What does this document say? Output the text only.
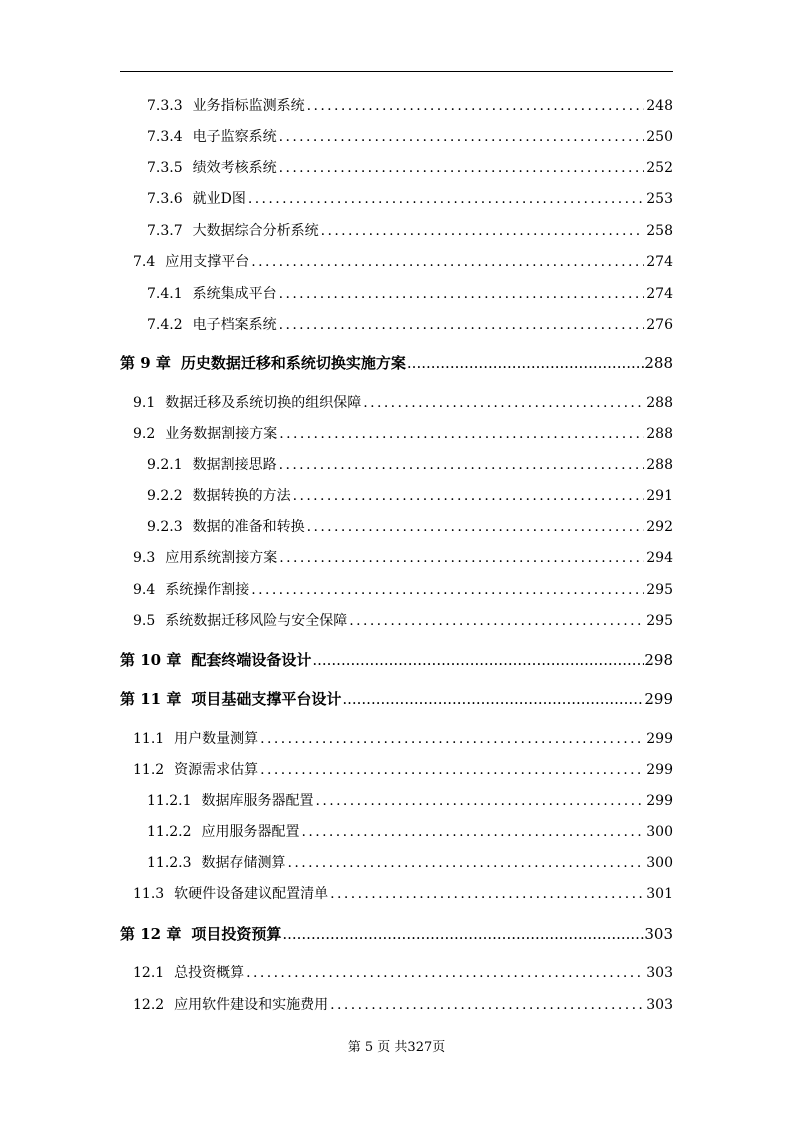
7.3.3 业务指标监测系统 .....	248
7.3.4 电子监察系统 .....	250
7.3.5 绩效考核系统 .....	252
7.3.6 就业D图 .....	253
7.3.7 大数据综合分析系统 .....	258
7.4 应用支撑平台 .....	274
7.4.1 系统集成平台 .....	274
7.4.2 电子档案系统 .....	276
第 9 章 历史数据迁移和系统切换实施方案 .....	288
9.1 数据迁移及系统切换的组织保障 .....	288
9.2 业务数据割接方案 .....	288
9.2.1 数据割接思路 .....	288
9.2.2 数据转换的方法 .....	291
9.2.3 数据的准备和转换 .....	292
9.3 应用系统割接方案 .....	294
9.4 系统操作割接 .....	295
9.5 系统数据迁移风险与安全保障 .....	295
第 10 章 配套终端设备设计 .....	298
第 11 章 项目基础支撑平台设计 .....	299
11.1 用户数量测算 .....	299
11.2 资源需求估算 .....	299
11.2.1 数据库服务器配置 .....	299
11.2.2 应用服务器配置 .....	300
11.2.3 数据存储测算 .....	300
11.3 软硬件设备建议配置清单 .....	301
第 12 章 项目投资预算 .....	303
12.1 总投资概算 .....	303
12.2 应用软件建设和实施费用 .....	303
第 5 页 共327页
